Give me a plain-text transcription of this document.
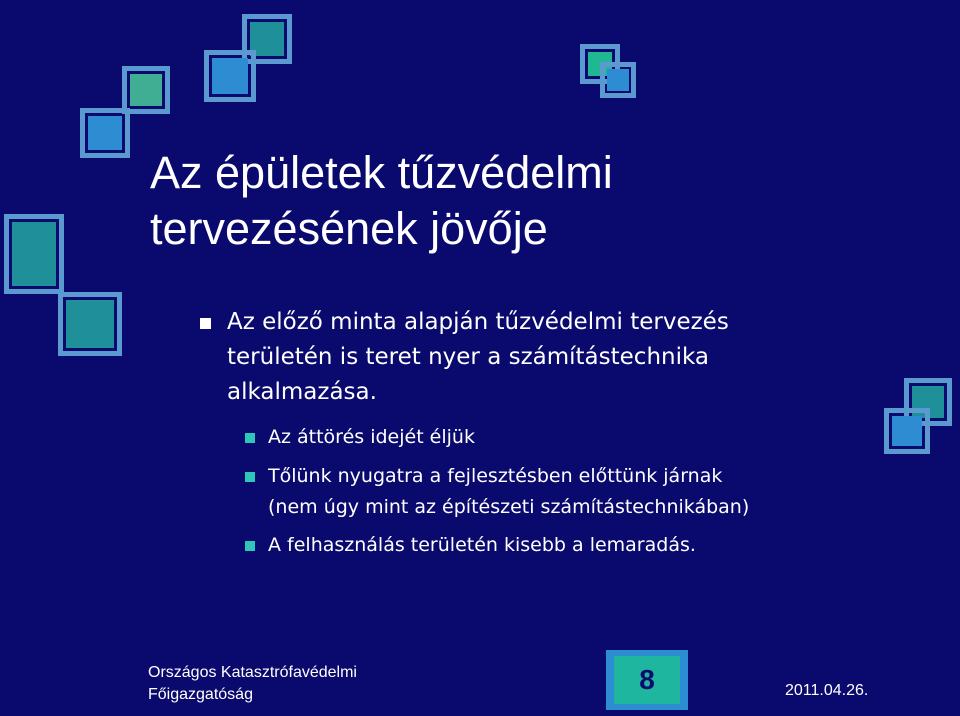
Az épületek tűzvédelmi
tervezésének jövője
Az előző minta alapján tűzvédelmi tervezés
területén is teret nyer a számítástechnika
alkalmazása.
Az áttörés idejét éljük
Tőlünk nyugatra a fejlesztésben előttünk járnak
(nem úgy mint az építészeti számítástechnikában)
A felhasználás területén kisebb a lemaradás.
Országos Katasztrófavédelmi
Főigazgatóság	8	2011.04.26.
